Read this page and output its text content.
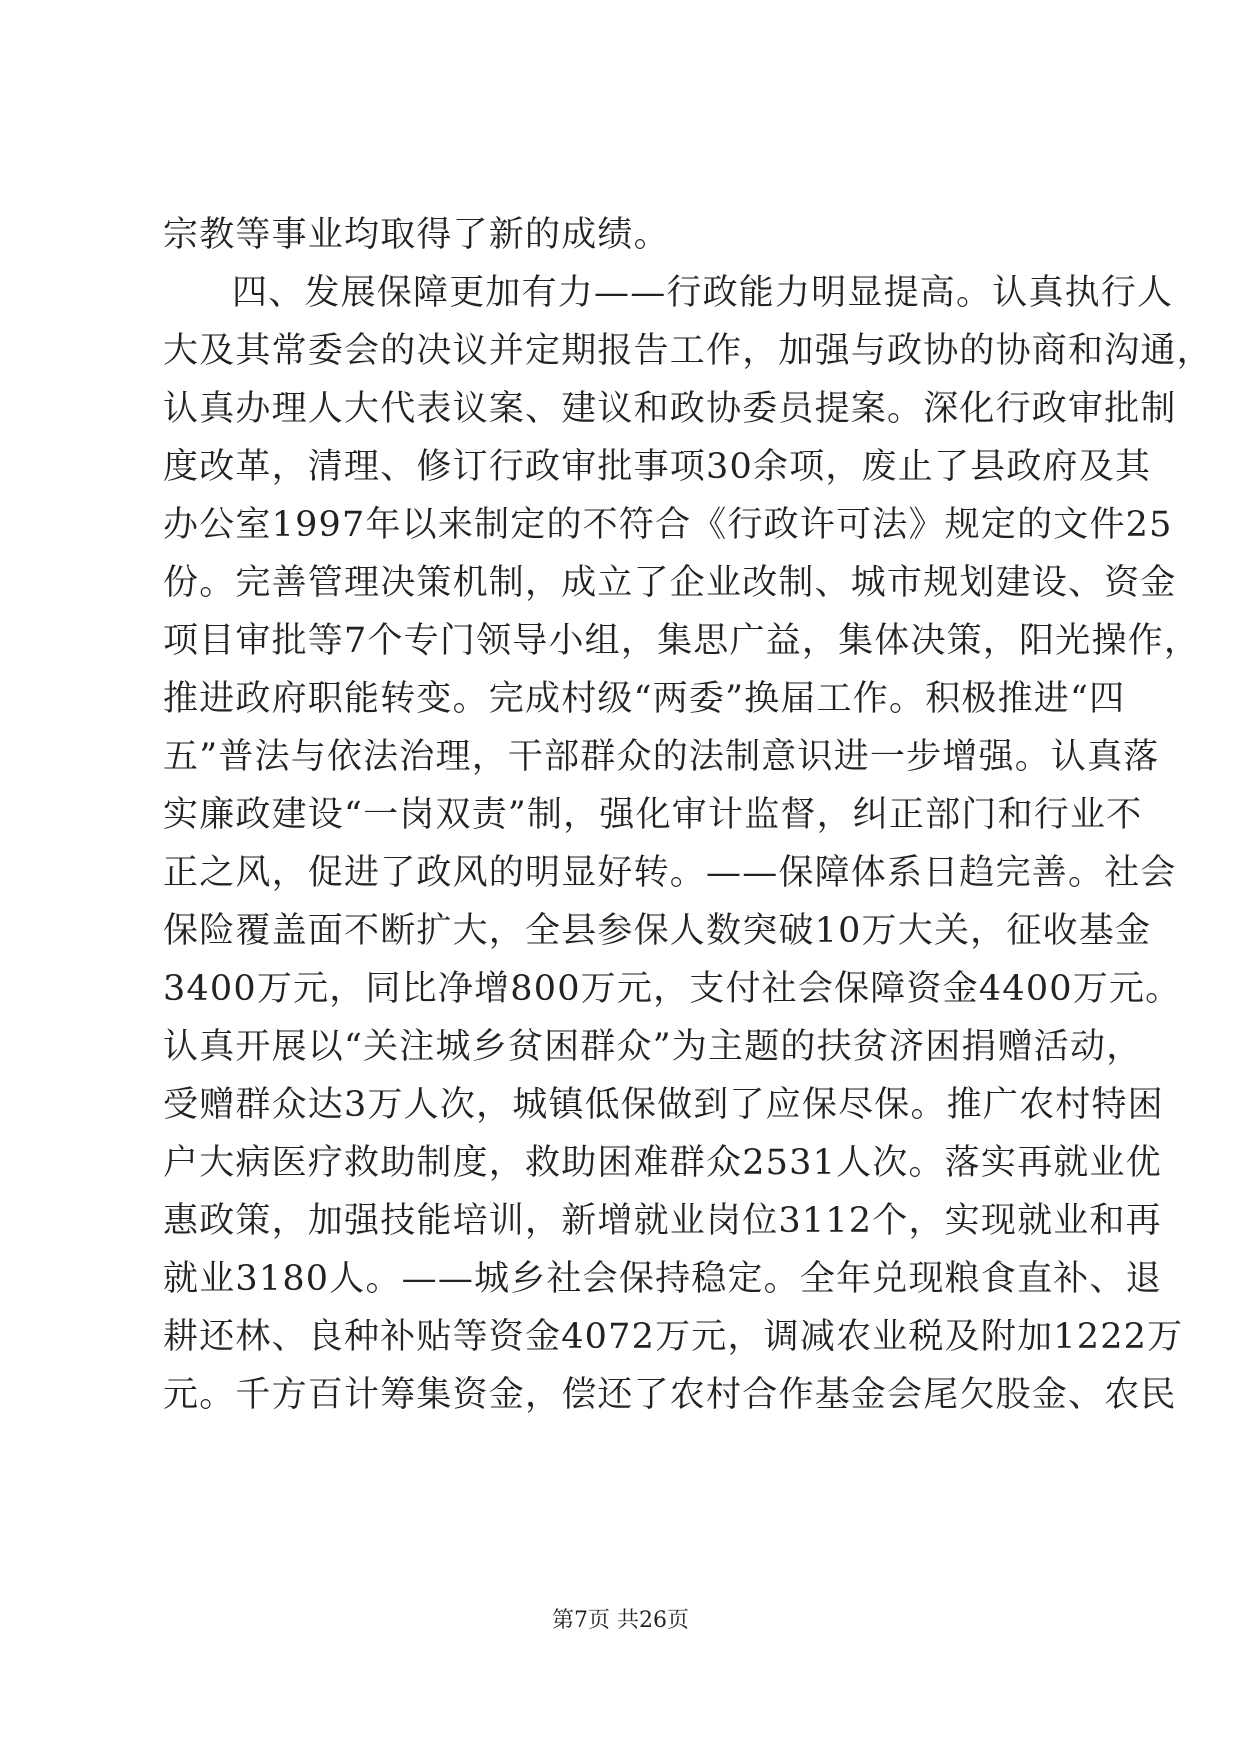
宗教等事业均取得了新的成绩。
四、发展保障更加有力——行政能力明显提高。认真执行人
大及其常委会的决议并定期报告工作，加强与政协的协商和沟通，
认真办理人大代表议案、建议和政协委员提案。深化行政审批制
度改革，清理、修订行政审批事项30余项，废止了县政府及其
办公室1997年以来制定的不符合《行政许可法》规定的文件25
份。完善管理决策机制，成立了企业改制、城市规划建设、资金
项目审批等7个专门领导小组，集思广益，集体决策，阳光操作，
推进政府职能转变。完成村级“两委”换届工作。积极推进“四
五”普法与依法治理，干部群众的法制意识进一步增强。认真落
实廉政建设“一岗双责”制，强化审计监督，纠正部门和行业不
正之风，促进了政风的明显好转。——保障体系日趋完善。社会
保险覆盖面不断扩大，全县参保人数突破10万大关，征收基金
3400万元，同比净增800万元，支付社会保障资金4400万元。
认真开展以“关注城乡贫困群众”为主题的扶贫济困捐赠活动，
受赠群众达3万人次，城镇低保做到了应保尽保。推广农村特困
户大病医疗救助制度，救助困难群众2531人次。落实再就业优
惠政策，加强技能培训，新增就业岗位3112个，实现就业和再
就业3180人。——城乡社会保持稳定。全年兑现粮食直补、退
耕还林、良种补贴等资金4072万元，调减农业税及附加1222万
元。千方百计筹集资金，偿还了农村合作基金会尾欠股金、农民
第7页 共26页
